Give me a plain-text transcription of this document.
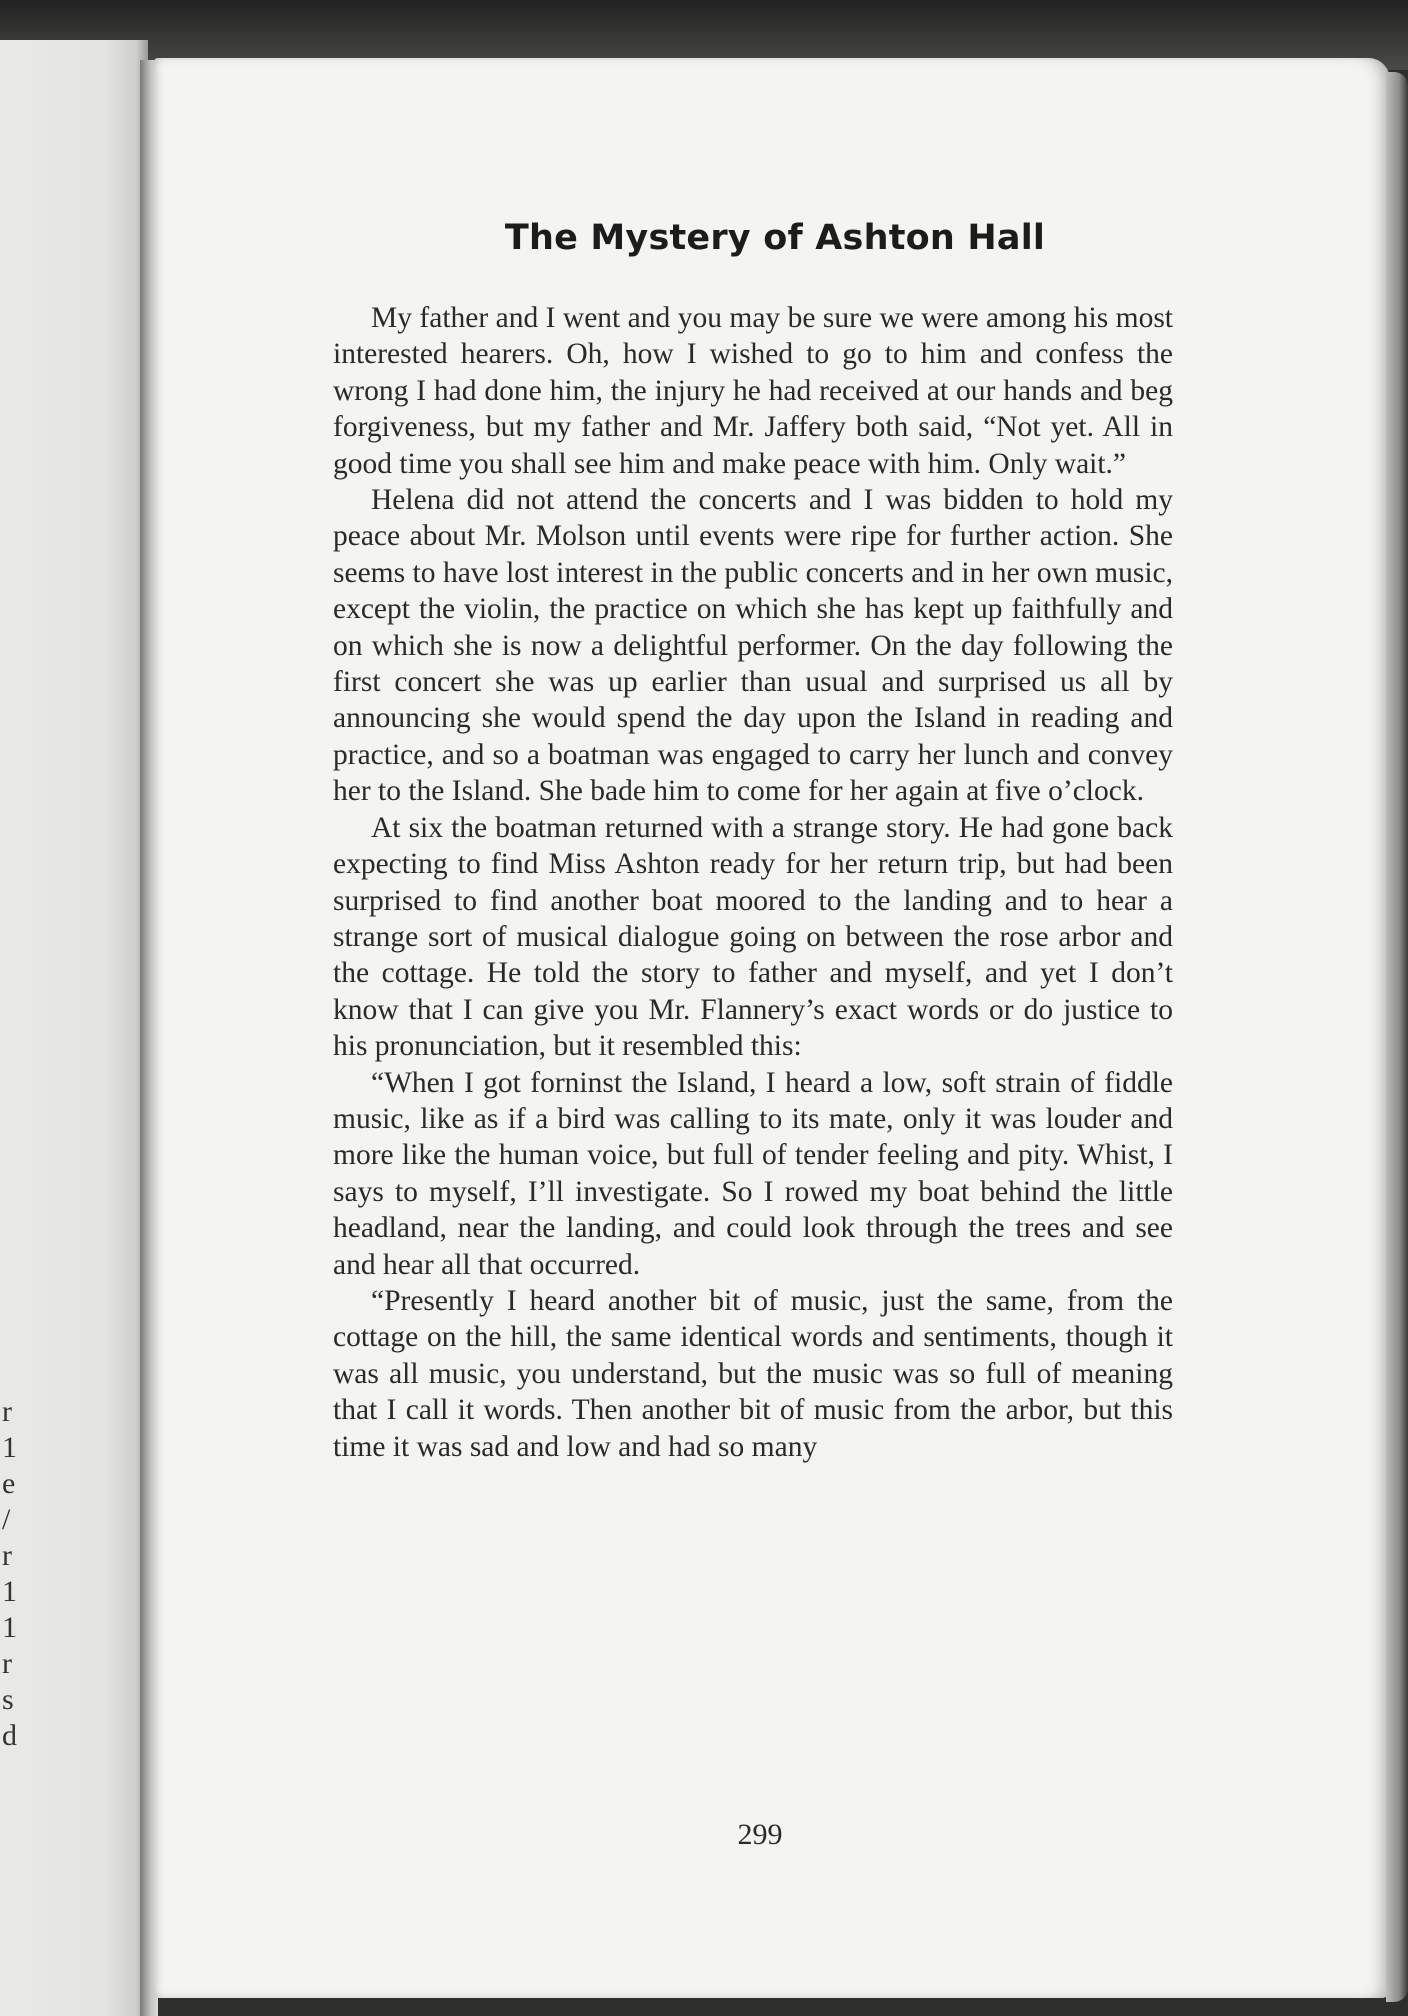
r
1
e
/
r
1
1
r
s
d
The Mystery of Ashton Hall

My father and I went and you may be sure we were among his most interested hearers. Oh, how I wished to go to him and confess the wrong I had done him, the injury he had received at our hands and beg forgiveness, but my father and Mr. Jaffery both said, “Not yet. All in good time you shall see him and make peace with him. Only wait.”

Helena did not attend the concerts and I was bidden to hold my peace about Mr. Molson until events were ripe for further action. She seems to have lost interest in the public concerts and in her own music, except the violin, the practice on which she has kept up faithfully and on which she is now a delightful performer. On the day following the first concert she was up earlier than usual and surprised us all by announcing she would spend the day upon the Island in reading and practice, and so a boatman was engaged to carry her lunch and convey her to the Island. She bade him to come for her again at five o’clock.

At six the boatman returned with a strange story. He had gone back expecting to find Miss Ashton ready for her return trip, but had been surprised to find another boat moored to the landing and to hear a strange sort of musical dialogue going on between the rose arbor and the cottage. He told the story to father and myself, and yet I don’t know that I can give you Mr. Flannery’s exact words or do justice to his pronunciation, but it resembled this:

“When I got forninst the Island, I heard a low, soft strain of fiddle music, like as if a bird was calling to its mate, only it was louder and more like the human voice, but full of tender feeling and pity. Whist, I says to myself, I’ll investigate. So I rowed my boat behind the little headland, near the landing, and could look through the trees and see and hear all that occurred.

“Presently I heard another bit of music, just the same, from the cottage on the hill, the same identical words and sentiments, though it was all music, you understand, but the music was so full of meaning that I call it words. Then another bit of music from the arbor, but this time it was sad and low and had so many

299
